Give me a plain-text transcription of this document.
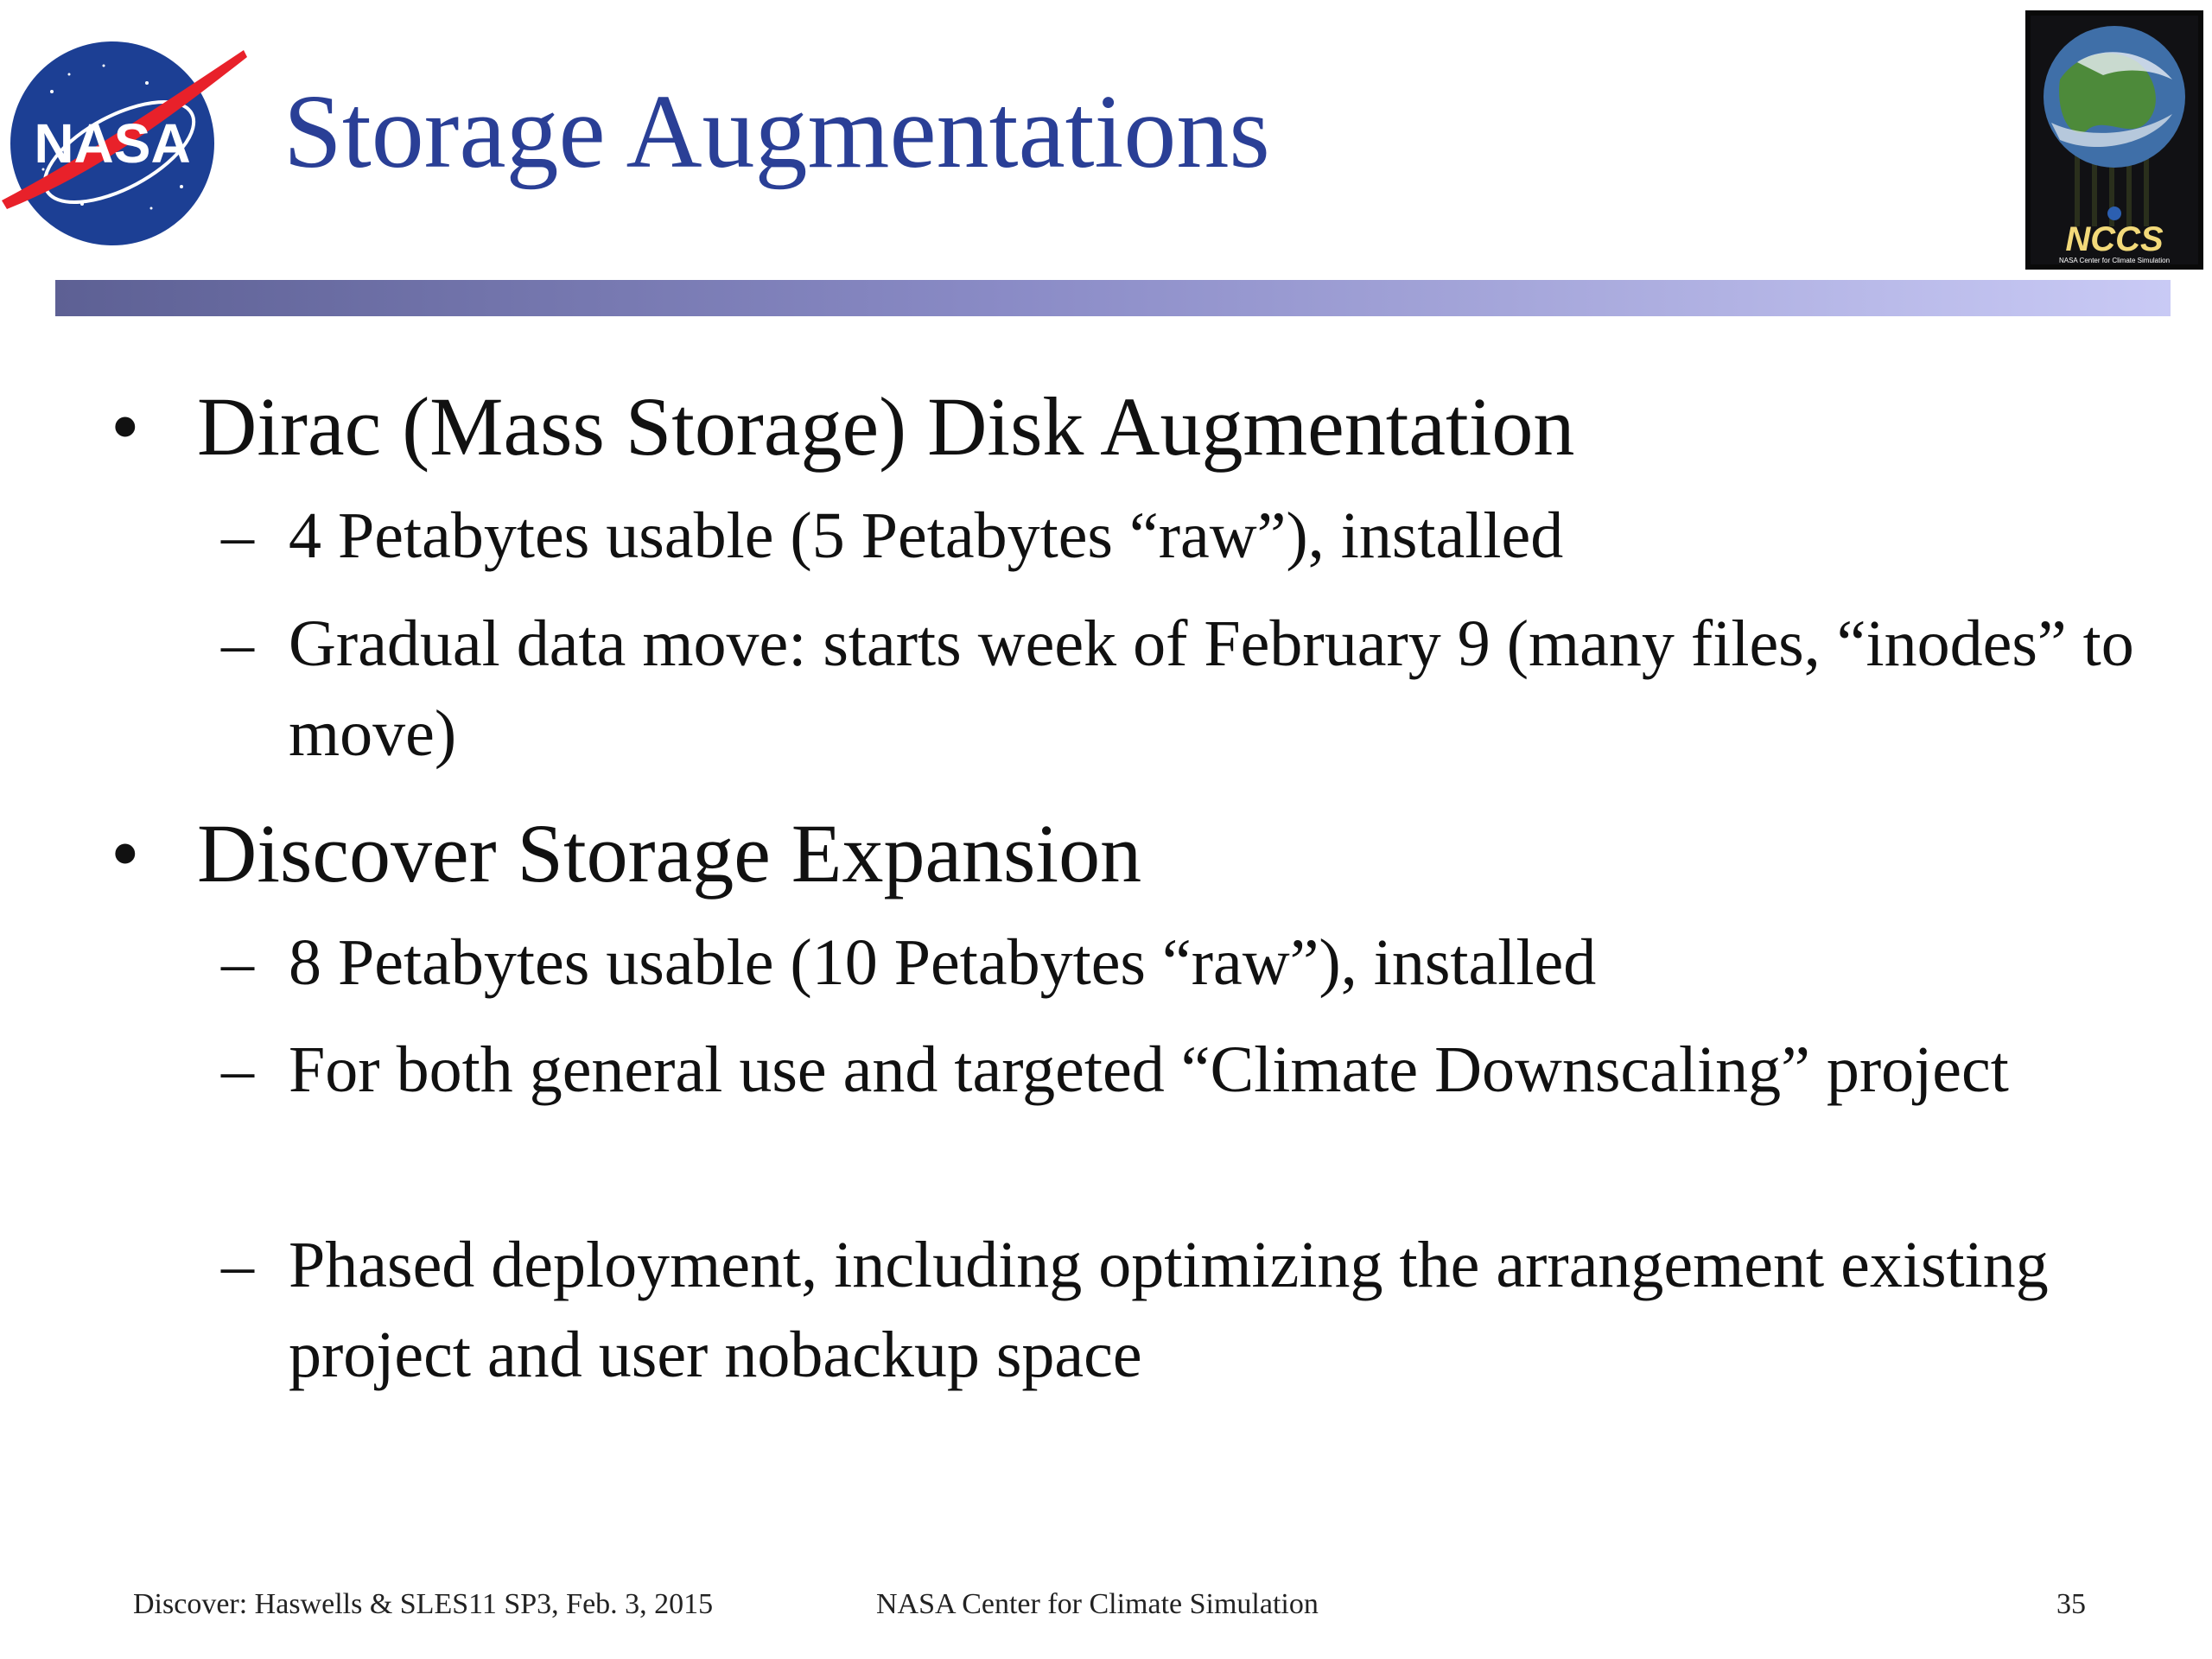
NASA Storage Augmentations
NCCS
NASA Center for Climate Simulation
• Dirac (Mass Storage) Disk Augmentation
– 4 Petabytes usable (5 Petabytes “raw”), installed
– Gradual data move: starts week of February 9 (many files, “inodes” to move)
• Discover Storage Expansion
– 8 Petabytes usable (10 Petabytes “raw”), installed
– For both general use and targeted “Climate Downscaling” project
– Phased deployment, including optimizing the arrangement existing project and user nobackup space
Discover: Haswells & SLES11 SP3, Feb. 3, 2015	NASA Center for Climate Simulation	35
